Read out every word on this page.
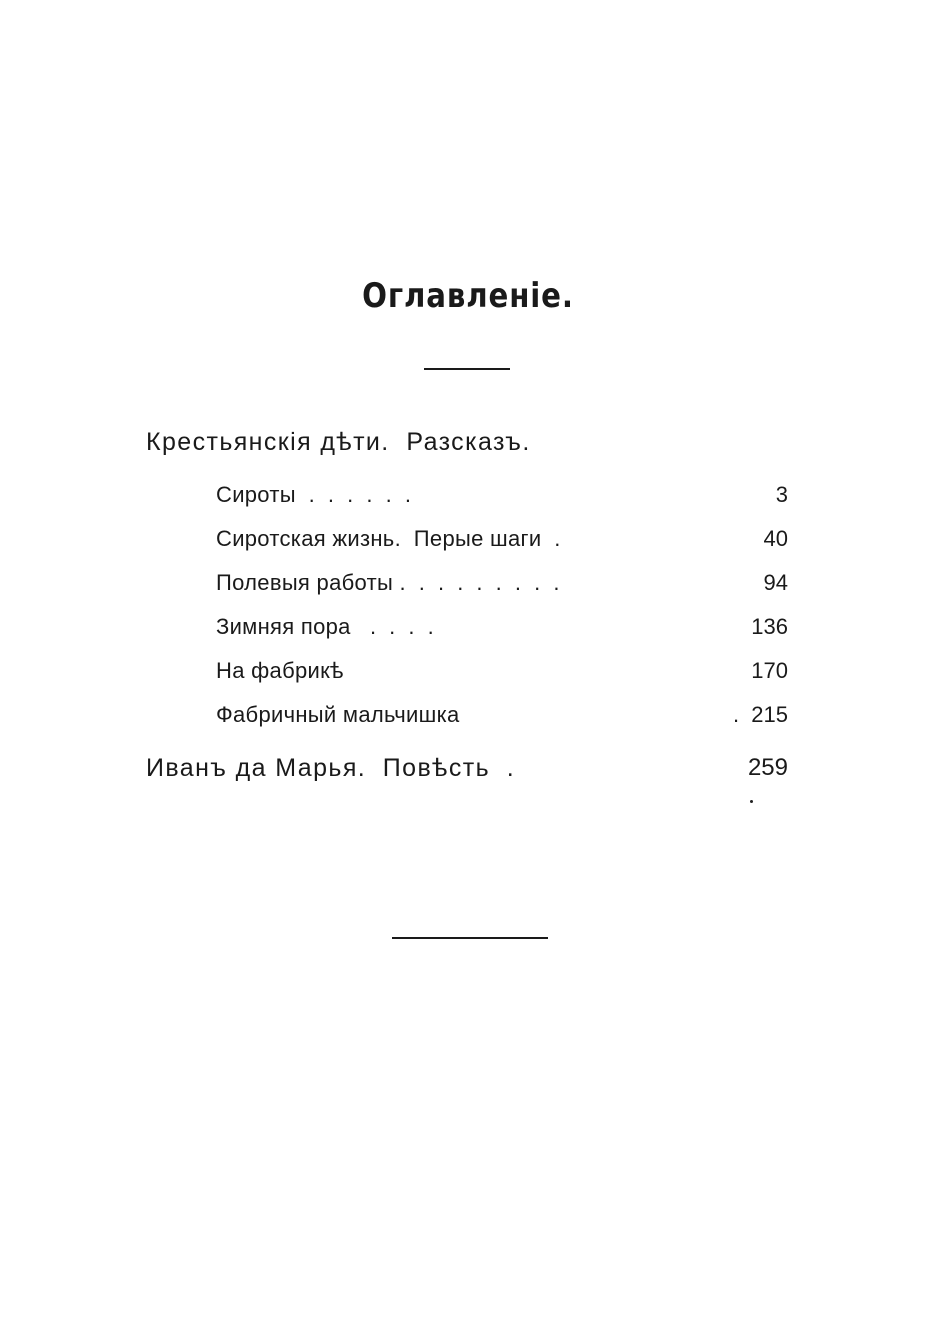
Оглавленіе.
Крестьянскія дѣти.  Разсказъ.
Сироты  .  .  .  .  .  .	3
Сиротская жизнь.  Перые шаги  .	40
Полевыя работы .  .  .  .  .  .  .  .  .	94
Зимняя пора   .  .  .  .	136
На фабрикѣ	170
Фабричный мальчишка	.  215
Иванъ да Марья.  Повѣсть  .	259
